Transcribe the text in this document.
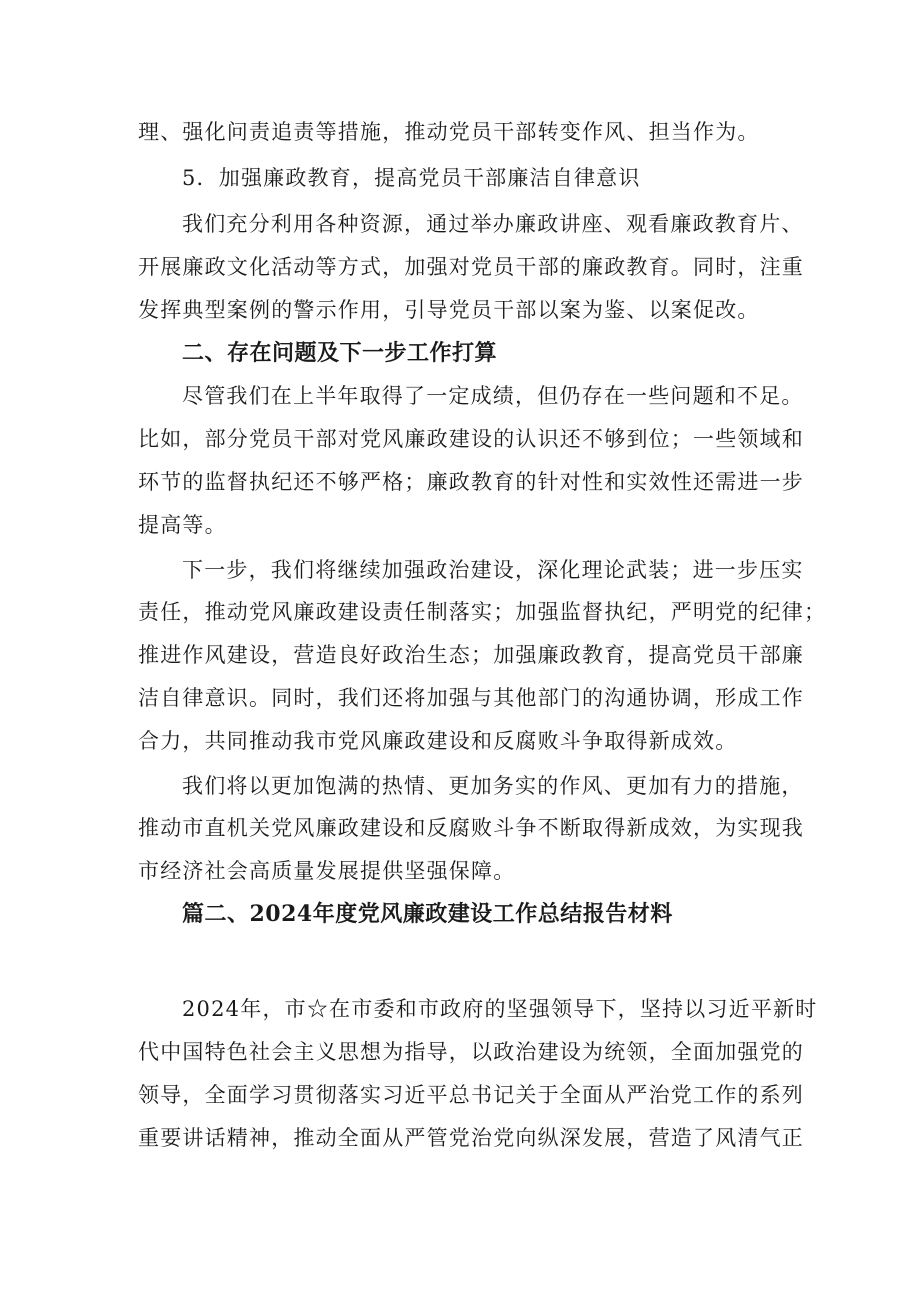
理、强化问责追责等措施，推动党员干部转变作风、担当作为。
5．加强廉政教育，提高党员干部廉洁自律意识
我们充分利用各种资源，通过举办廉政讲座、观看廉政教育片、
开展廉政文化活动等方式，加强对党员干部的廉政教育。同时，注重
发挥典型案例的警示作用，引导党员干部以案为鉴、以案促改。
二、存在问题及下一步工作打算
尽管我们在上半年取得了一定成绩，但仍存在一些问题和不足。
比如，部分党员干部对党风廉政建设的认识还不够到位；一些领域和
环节的监督执纪还不够严格；廉政教育的针对性和实效性还需进一步
提高等。
下一步，我们将继续加强政治建设，深化理论武装；进一步压实
责任，推动党风廉政建设责任制落实；加强监督执纪，严明党的纪律；
推进作风建设，营造良好政治生态；加强廉政教育，提高党员干部廉
洁自律意识。同时，我们还将加强与其他部门的沟通协调，形成工作
合力，共同推动我市党风廉政建设和反腐败斗争取得新成效。
我们将以更加饱满的热情、更加务实的作风、更加有力的措施，
推动市直机关党风廉政建设和反腐败斗争不断取得新成效，为实现我
市经济社会高质量发展提供坚强保障。
篇二、2024年度党风廉政建设工作总结报告材料
2024年，市☆在市委和市政府的坚强领导下，坚持以习近平新时
代中国特色社会主义思想为指导，以政治建设为统领，全面加强党的
领导，全面学习贯彻落实习近平总书记关于全面从严治党工作的系列
重要讲话精神，推动全面从严管党治党向纵深发展，营造了风清气正
